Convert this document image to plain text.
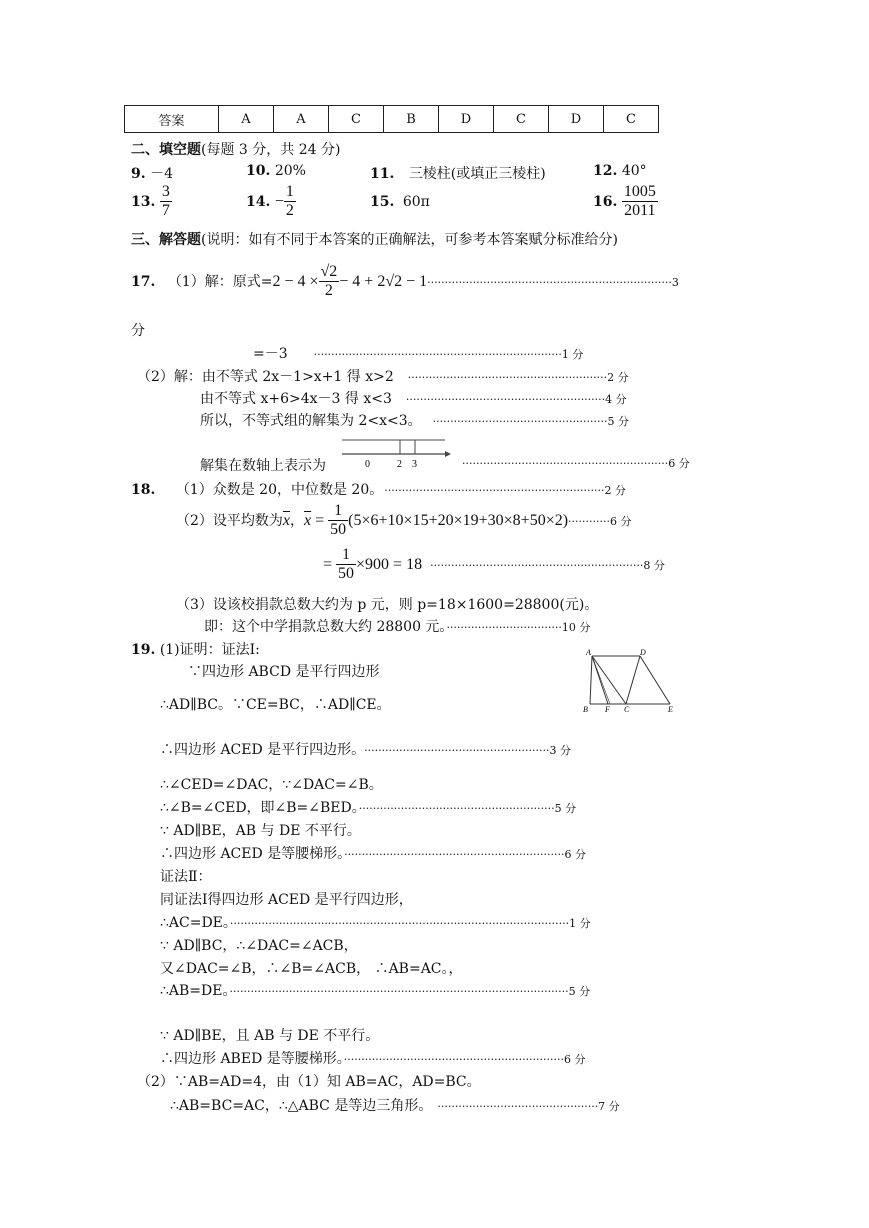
答案	A	A	C	B	D	C	D	C
二、填空题(每题 3 分，共 24 分)
9. －4	10. 20%	11. 三棱柱(或填正三棱柱)	12. 40°
13. $\frac{3}{7}$	14. − $\frac{1}{2}$	15. 60π	16. $\frac{1005}{2011}$
三、解答题(说明：如有不同于本答案的正确解法，可参考本答案赋分标准给分)
17. （1）解：原式$=2 - 4 \times \frac{√2}{2} - 4 + 2√2 - 1\cdot\cdot\cdot\cdot\cdot\cdot\cdot\cdot\cdot\cdot\cdot\cdot\cdot\cdot\cdot\cdot\cdot\cdot\cdot\cdot\cdot\cdot\cdot\cdot\cdot\cdot\cdot\cdot\cdot\cdot\cdot\cdot\cdot\cdot\cdot\cdot\cdot\cdot\cdot\cdot\cdot\cdot\cdot\cdot\cdot\cdot\cdot\cdot\cdot\cdot\cdot\cdot\cdot\cdot\cdot\cdot\cdot\cdot\cdot\cdot\cdot\cdot\cdot\cdot\cdot\cdot\cdot\cdot\cdot\cdot 3$
分
=－3 ·······································································1 分
（2）解：由不等式 2x－1>x+1 得 x>2 ·························································2 分
由不等式 x+6>4x－3 得 x<3 ·························································4 分
所以，不等式组的解集为 2<x<3。 ··················································5 分
解集在数轴上表示为	···························································6 分
0	2 3
18. （1）众数是 20，中位数是 20。 ·······························································2 分
（2）设平均数为$\overline{x}$，$\overline{x} = \frac{1}{50} (5\times 6+10\times 15+20\times 19+30\times 8+50\times 2)\cdot\cdot\cdot\cdot\cdot\cdot\cdot\cdot\cdot\cdot\cdot\cdot 6$ 分
= $\frac{1}{50} \times 900 = 18 \cdot\cdot\cdot\cdot\cdot\cdot\cdot\cdot\cdot\cdot\cdot\cdot\cdot\cdot\cdot\cdot\cdot\cdot\cdot\cdot\cdot\cdot\cdot\cdot\cdot\cdot\cdot\cdot\cdot\cdot\cdot\cdot\cdot\cdot\cdot\cdot\cdot\cdot\cdot\cdot\cdot\cdot\cdot\cdot\cdot\cdot\cdot\cdot\cdot\cdot\cdot\cdot\cdot\cdot\cdot\cdot\cdot\cdot\cdot\cdot\cdot 8$ 分
（3）设该校捐款总数大约为 p 元，则 p=18×1600=28800(元)。
即：这个中学捐款总数大约 28800 元。·································10 分
19. (1)证明：证法Ⅰ:
∵四边形 ABCD 是平行四边形
∴AD∥BC。∵CE=BC，∴AD∥CE。
∴四边形 ACED 是平行四边形。 ·····················································3 分
∴∠CED=∠DAC，∵∠DAC=∠B。
∴∠B=∠CED，即∠B=∠BED。························································5 分
∵ AD∥BE，AB 与 DE 不平行。
∴四边形 ACED 是等腰梯形。·······························································6 分
证法Ⅱ：
同证法Ⅰ得四边形 ACED 是平行四边形，
∴AC=DE。·································································································1 分
∵ AD∥BC，∴∠DAC=∠ACB，
又∠DAC=∠B，∴∠B=∠ACB， ∴AB=AC。，
∴AB=DE。·································································································5 分
∵ AD∥BE，且 AB 与 DE 不平行。
∴四边形 ABED 是等腰梯形。·······························································6 分
（2）∵AB=AD=4，由（1）知 AB=AC，AD=BC。
∴AB=BC=AC，∴△ABC 是等边三角形。 ··············································7 分
A	D
B F C	E
